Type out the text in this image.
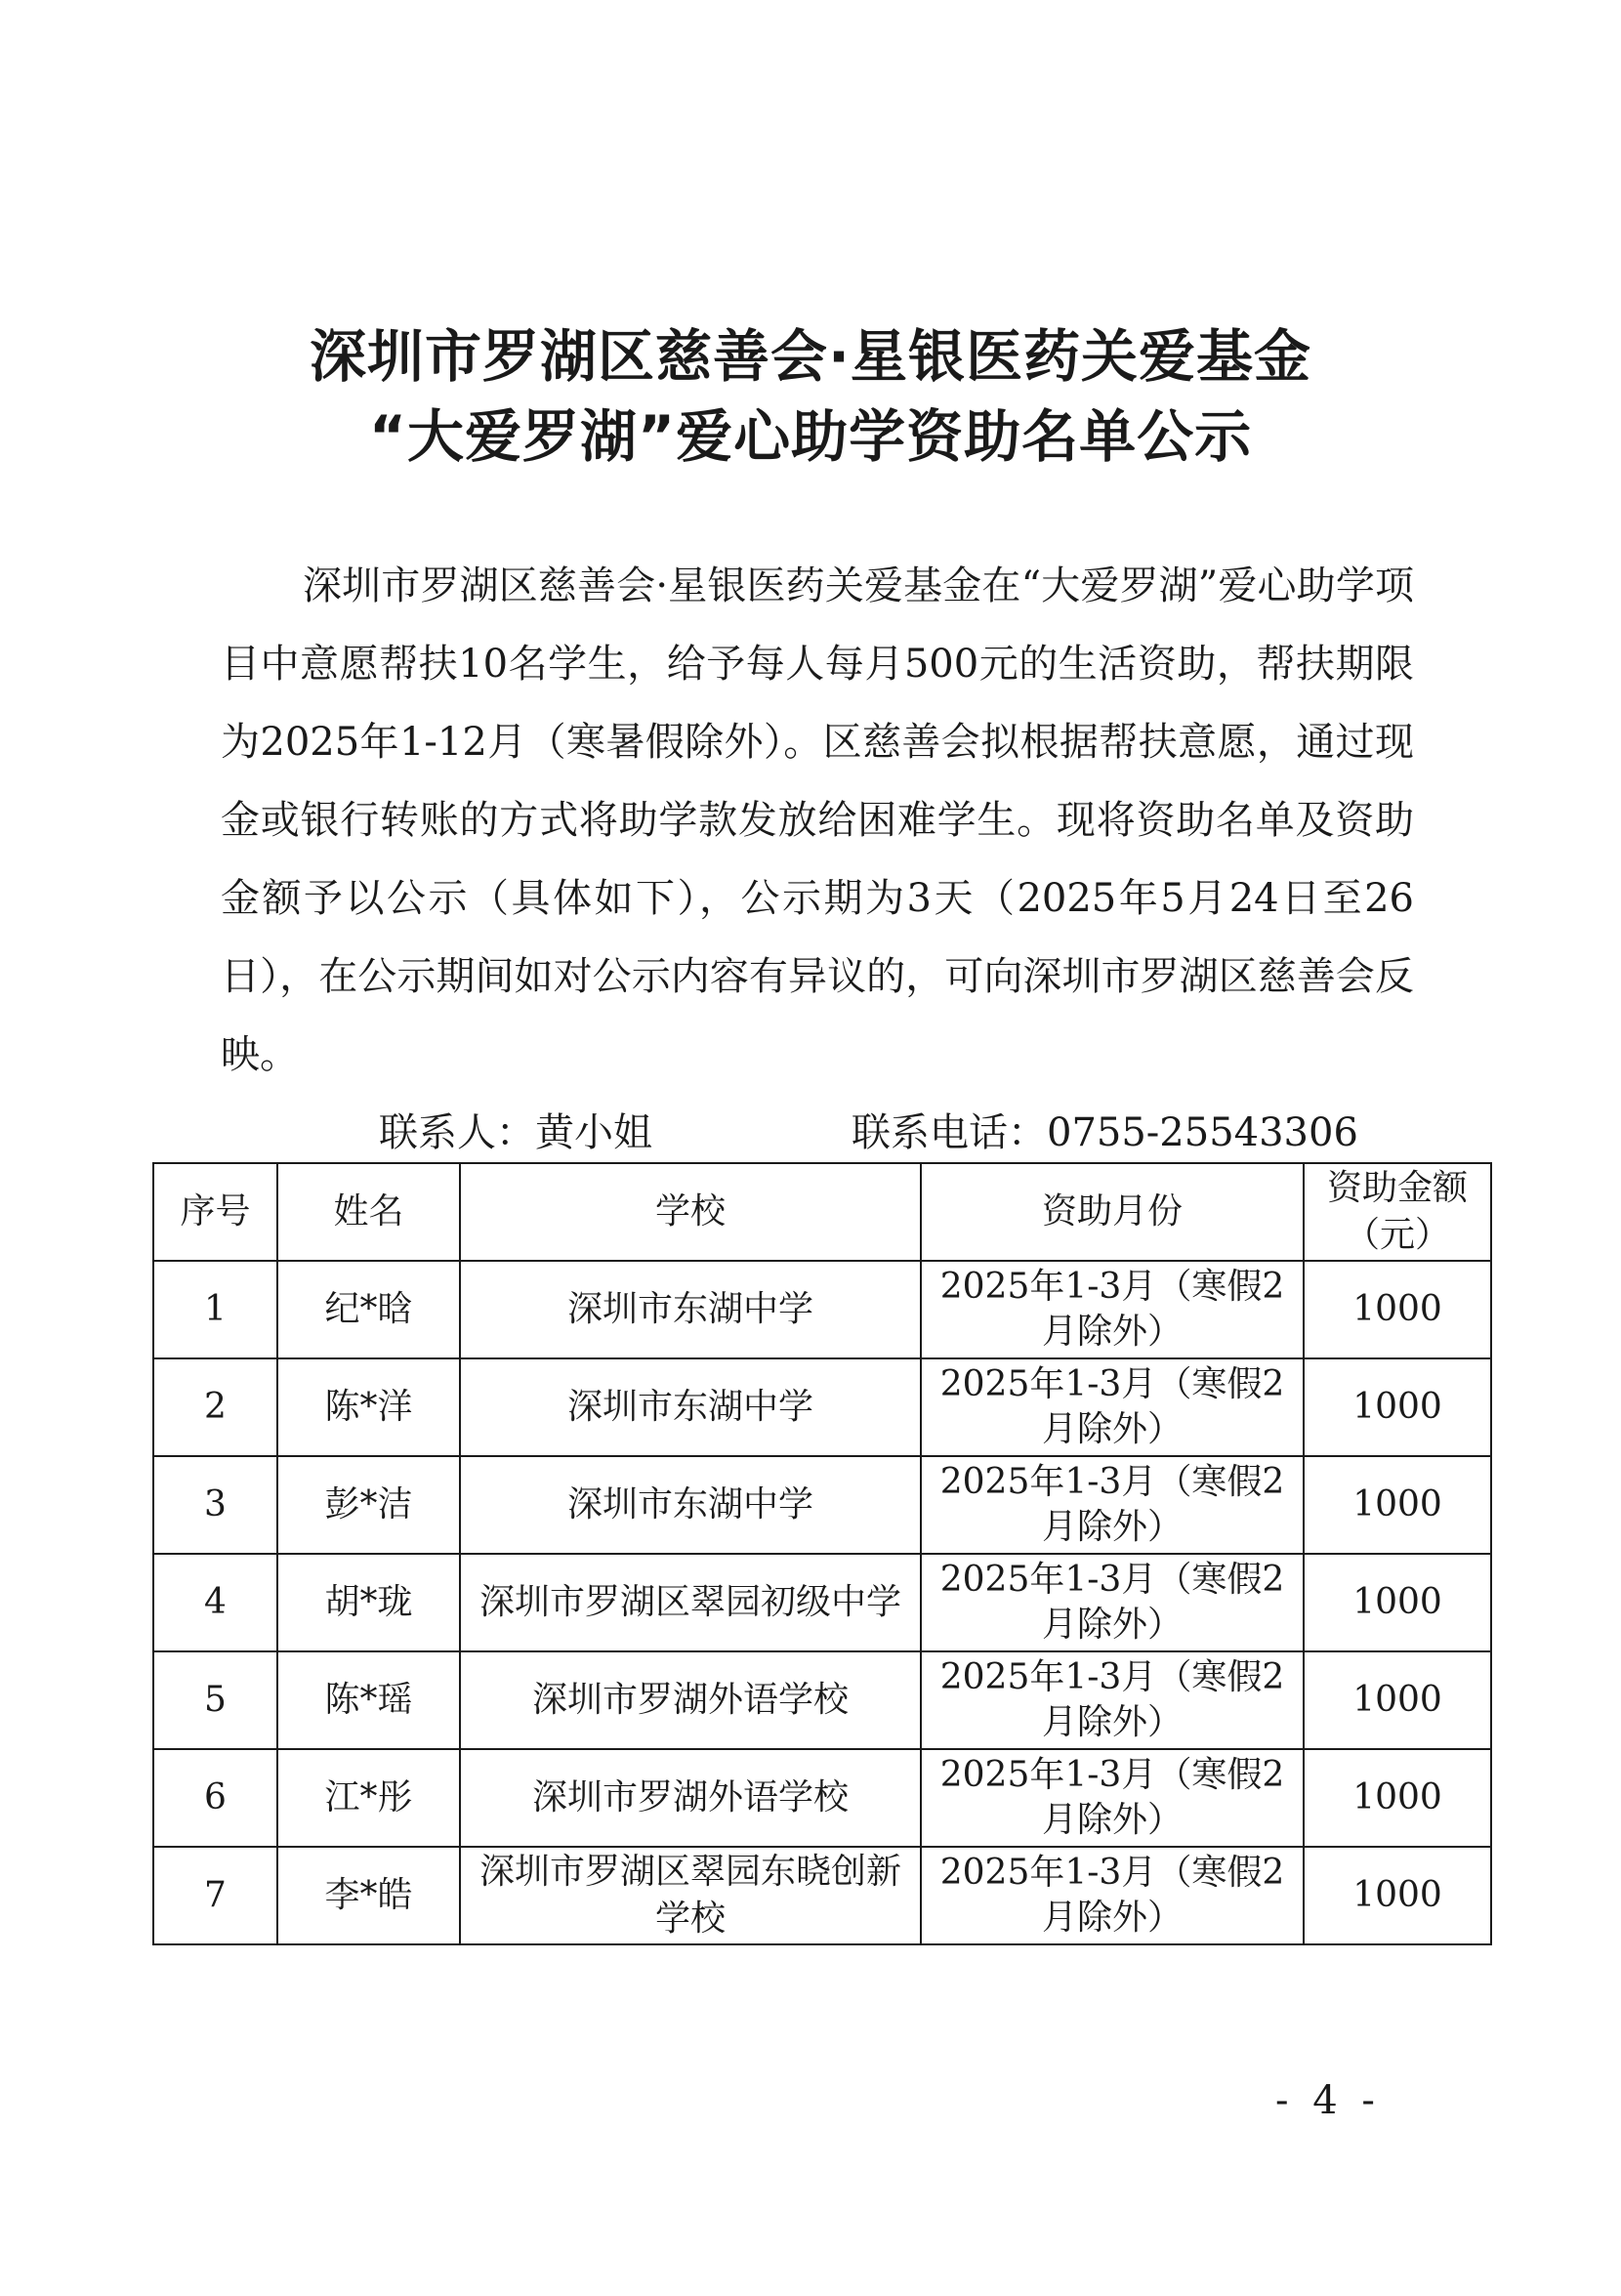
深圳市罗湖区慈善会·星银医药关爱基金
“大爱罗湖”爱心助学资助名单公示

深圳市罗湖区慈善会·星银医药关爱基金在“大爱罗湖”爱心助学项目中意愿帮扶10名学生，给予每人每月500元的生活资助，帮扶期限为2025年1-12月（寒暑假除外）。区慈善会拟根据帮扶意愿，通过现金或银行转账的方式将助学款发放给困难学生。现将资助名单及资助金额予以公示（具体如下），公示期为3天（2025年5月24日至26日），在公示期间如对公示内容有异议的，可向深圳市罗湖区慈善会反映。

联系人：黄小姐	联系电话：0755-25543306
序号	姓名	学校	资助月份	资助金额（元）
1	纪*晗	深圳市东湖中学	2025年1-3月（寒假2月除外）	1000
2	陈*洋	深圳市东湖中学	2025年1-3月（寒假2月除外）	1000
3	彭*洁	深圳市东湖中学	2025年1-3月（寒假2月除外）	1000
4	胡*珑	深圳市罗湖区翠园初级中学	2025年1-3月（寒假2月除外）	1000
5	陈*瑶	深圳市罗湖外语学校	2025年1-3月（寒假2月除外）	1000
6	江*彤	深圳市罗湖外语学校	2025年1-3月（寒假2月除外）	1000
7	李*皓	深圳市罗湖区翠园东晓创新学校	2025年1-3月（寒假2月除外）	1000
- 4 -
